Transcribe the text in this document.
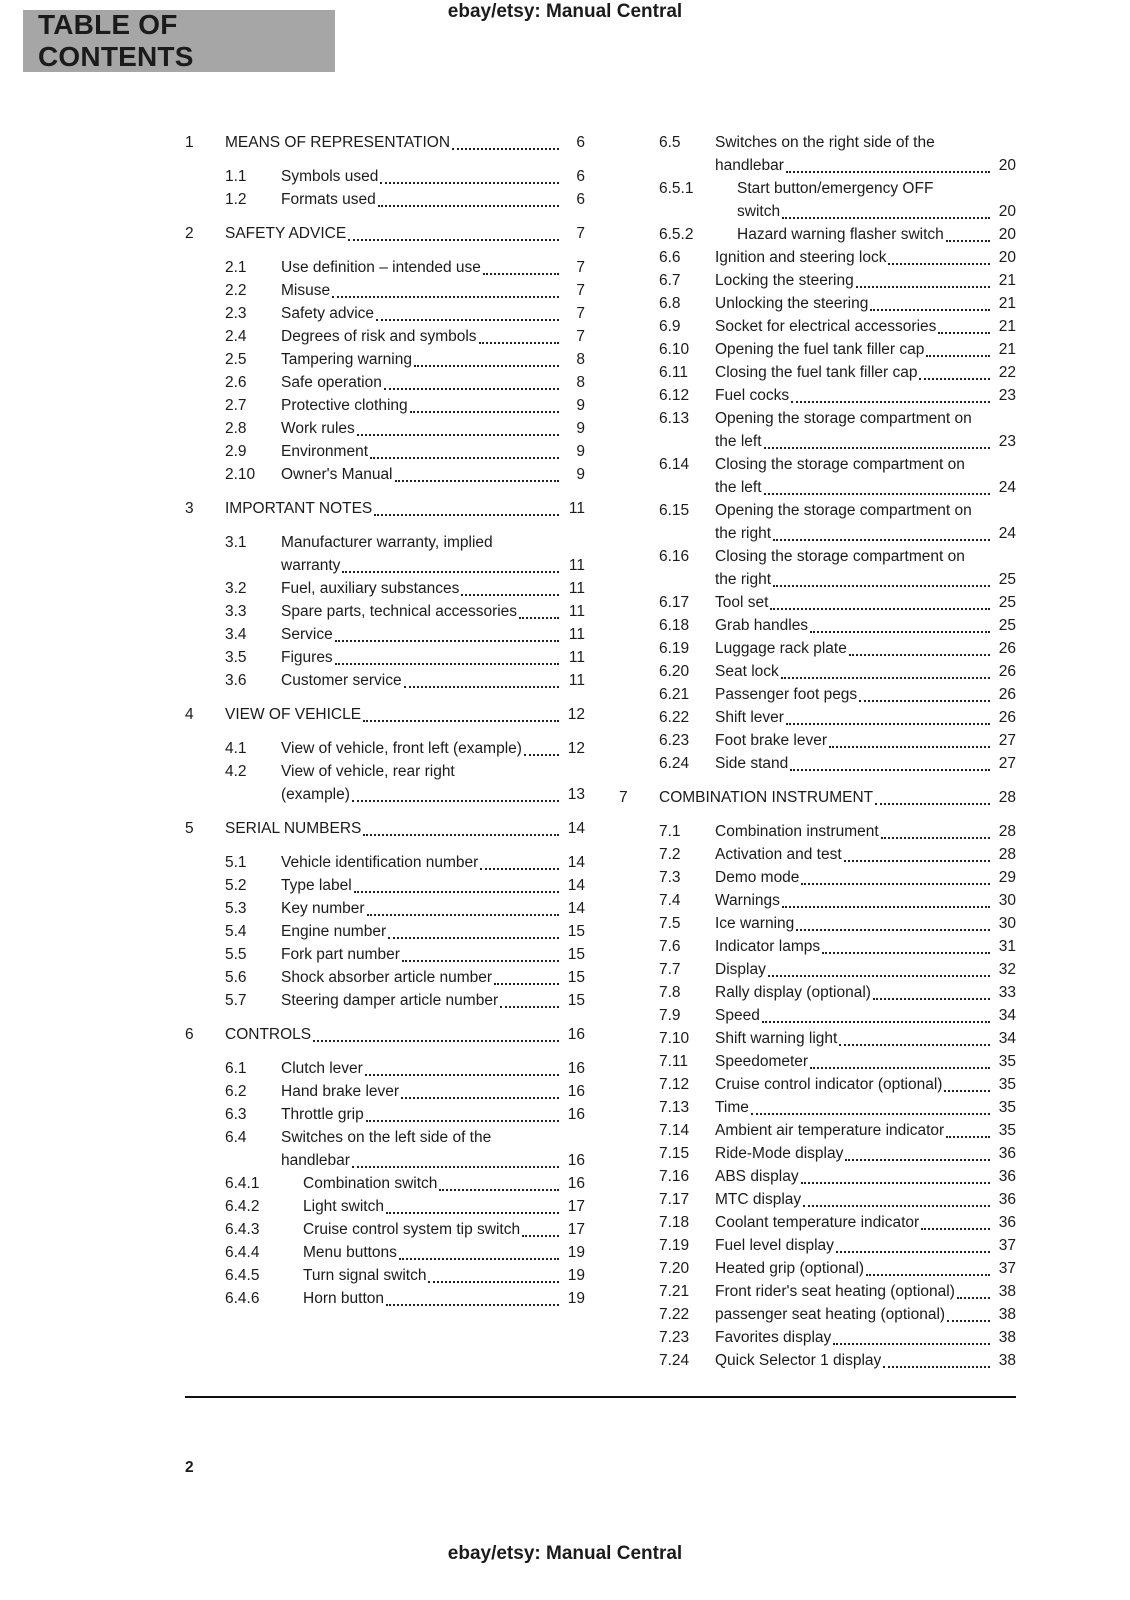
ebay/etsy: Manual Central
TABLE OF CONTENTS
1	MEANS OF REPRESENTATION	6
1.1	Symbols used	6
1.2	Formats used	6
2	SAFETY ADVICE	7
2.1	Use definition – intended use	7
2.2	Misuse	7
2.3	Safety advice	7
2.4	Degrees of risk and symbols	7
2.5	Tampering warning	8
2.6	Safe operation	8
2.7	Protective clothing	9
2.8	Work rules	9
2.9	Environment	9
2.10	Owner's Manual	9
3	IMPORTANT NOTES	11
3.1	Manufacturer warranty, implied
warranty	11
3.2	Fuel, auxiliary substances	11
3.3	Spare parts, technical accessories	11
3.4	Service	11
3.5	Figures	11
3.6	Customer service	11
4	VIEW OF VEHICLE	12
4.1	View of vehicle, front left (example)	12
4.2	View of vehicle, rear right
(example)	13
5	SERIAL NUMBERS	14
5.1	Vehicle identification number	14
5.2	Type label	14
5.3	Key number	14
5.4	Engine number	15
5.5	Fork part number	15
5.6	Shock absorber article number	15
5.7	Steering damper article number	15
6	CONTROLS	16
6.1	Clutch lever	16
6.2	Hand brake lever	16
6.3	Throttle grip	16
6.4	Switches on the left side of the
handlebar	16
6.4.1	Combination switch	16
6.4.2	Light switch	17
6.4.3	Cruise control system tip switch	17
6.4.4	Menu buttons	19
6.4.5	Turn signal switch	19
6.4.6	Horn button	19
6.5	Switches on the right side of the
handlebar	20
6.5.1	Start button/emergency OFF
switch	20
6.5.2	Hazard warning flasher switch	20
6.6	Ignition and steering lock	20
6.7	Locking the steering	21
6.8	Unlocking the steering	21
6.9	Socket for electrical accessories	21
6.10	Opening the fuel tank filler cap	21
6.11	Closing the fuel tank filler cap	22
6.12	Fuel cocks	23
6.13	Opening the storage compartment on
the left	23
6.14	Closing the storage compartment on
the left	24
6.15	Opening the storage compartment on
the right	24
6.16	Closing the storage compartment on
the right	25
6.17	Tool set	25
6.18	Grab handles	25
6.19	Luggage rack plate	26
6.20	Seat lock	26
6.21	Passenger foot pegs	26
6.22	Shift lever	26
6.23	Foot brake lever	27
6.24	Side stand	27
7	COMBINATION INSTRUMENT	28
7.1	Combination instrument	28
7.2	Activation and test	28
7.3	Demo mode	29
7.4	Warnings	30
7.5	Ice warning	30
7.6	Indicator lamps	31
7.7	Display	32
7.8	Rally display (optional)	33
7.9	Speed	34
7.10	Shift warning light	34
7.11	Speedometer	35
7.12	Cruise control indicator (optional)	35
7.13	Time	35
7.14	Ambient air temperature indicator	35
7.15	Ride-Mode display	36
7.16	ABS display	36
7.17	MTC display	36
7.18	Coolant temperature indicator	36
7.19	Fuel level display	37
7.20	Heated grip (optional)	37
7.21	Front rider's seat heating (optional)	38
7.22	passenger seat heating (optional)	38
7.23	Favorites display	38
7.24	Quick Selector 1 display	38
2
ebay/etsy: Manual Central
